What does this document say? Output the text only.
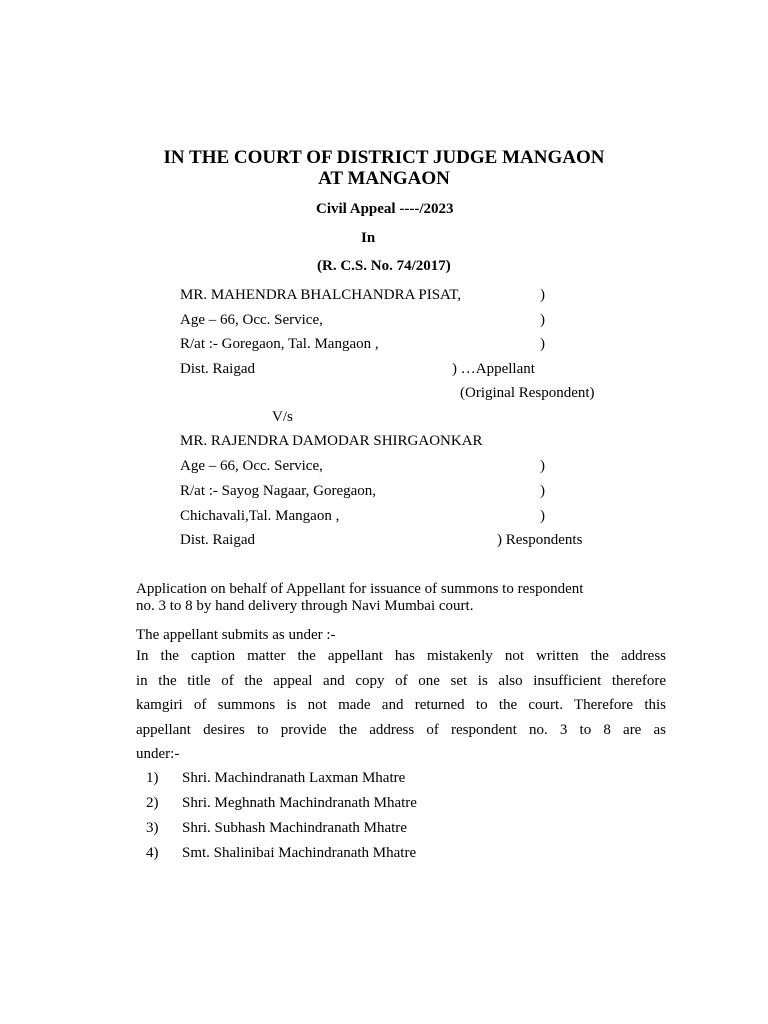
IN THE COURT OF DISTRICT JUDGE MANGAON
AT MANGAON
Civil Appeal ----/2023
In
(R. C.S. No. 74/2017)
MR. MAHENDRA BHALCHANDRA PISAT,	)
Age – 66, Occ. Service,	)
R/at :- Goregaon, Tal. Mangaon ,	)
Dist. Raigad	) …Appellant
(Original Respondent)
V/s
MR. RAJENDRA DAMODAR SHIRGAONKAR
Age – 66, Occ. Service,	)
R/at :- Sayog Nagaar, Goregaon,	)
Chichavali,Tal. Mangaon ,	)
Dist. Raigad	) Respondents
Application on behalf of Appellant for issuance of summons to respondent
no. 3 to 8 by hand delivery through Navi Mumbai court.
The appellant submits as under :-
In the caption matter the appellant has mistakenly not written the address
in the title of the appeal and copy of one set is also insufficient therefore
kamgiri of summons is not made and returned to the court. Therefore this
appellant desires to provide the address of respondent no. 3 to 8 are as
under:-
1) Shri. Machindranath Laxman Mhatre
2) Shri. Meghnath Machindranath Mhatre
3) Shri. Subhash Machindranath Mhatre
4) Smt. Shalinibai Machindranath Mhatre
